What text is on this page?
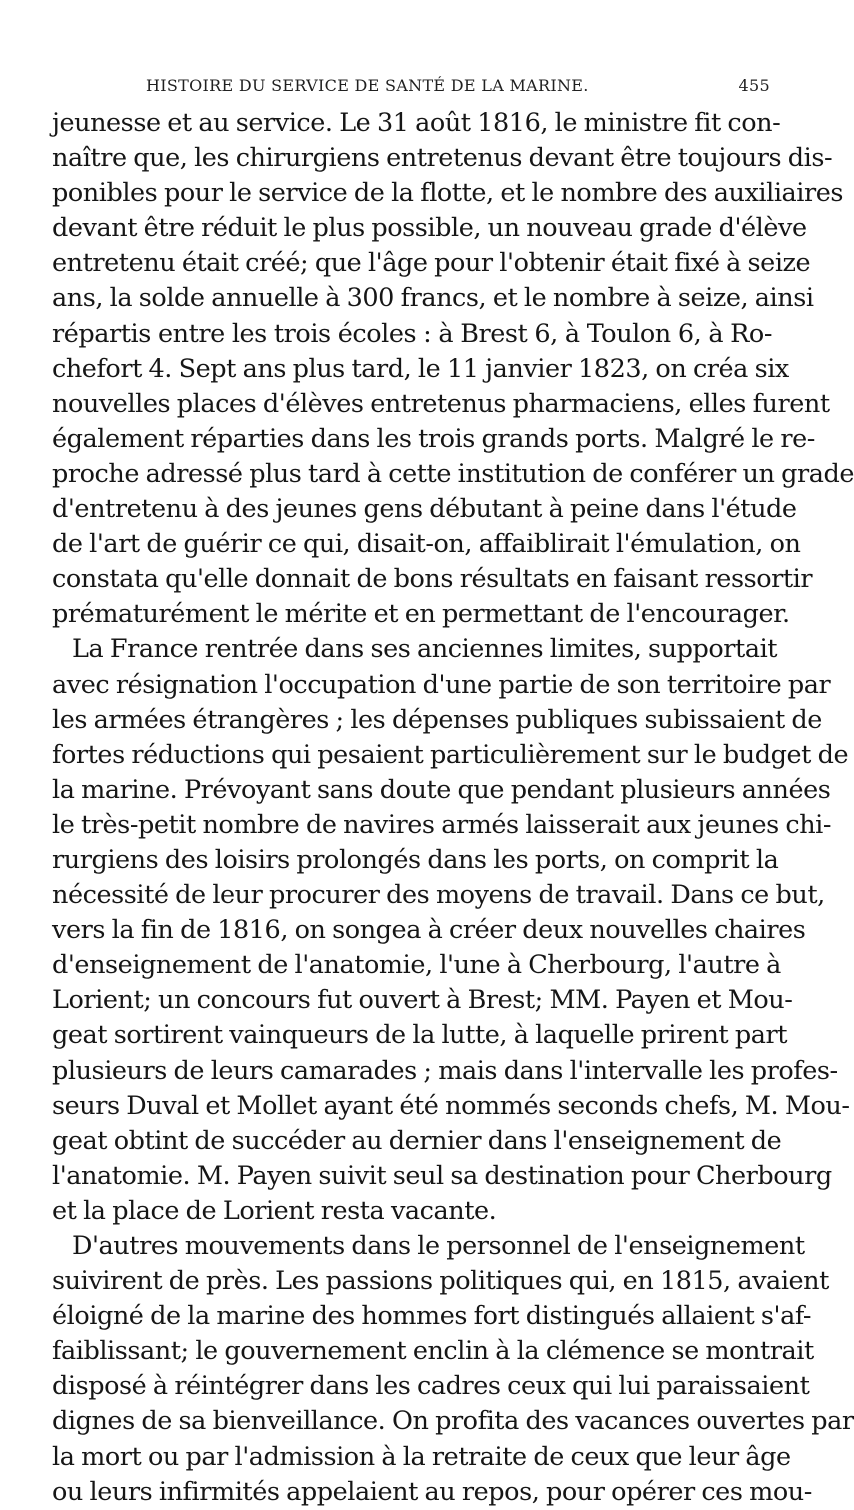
HISTOIRE DU SERVICE DE SANTÉ DE LA MARINE.	455
jeunesse et au service. Le 31 août 1816, le ministre fit con-
naître que, les chirurgiens entretenus devant être toujours dis-
ponibles pour le service de la flotte, et le nombre des auxiliaires
devant être réduit le plus possible, un nouveau grade d'élève
entretenu était créé; que l'âge pour l'obtenir était fixé à seize
ans, la solde annuelle à 300 francs, et le nombre à seize, ainsi
répartis entre les trois écoles : à Brest 6, à Toulon 6, à Ro-
chefort 4. Sept ans plus tard, le 11 janvier 1823, on créa six
nouvelles places d'élèves entretenus pharmaciens, elles furent
également réparties dans les trois grands ports. Malgré le re-
proche adressé plus tard à cette institution de conférer un grade
d'entretenu à des jeunes gens débutant à peine dans l'étude
de l'art de guérir ce qui, disait-on, affaiblirait l'émulation, on
constata qu'elle donnait de bons résultats en faisant ressortir
prématurément le mérite et en permettant de l'encourager.
La France rentrée dans ses anciennes limites, supportait
avec résignation l'occupation d'une partie de son territoire par
les armées étrangères ; les dépenses publiques subissaient de
fortes réductions qui pesaient particulièrement sur le budget de
la marine. Prévoyant sans doute que pendant plusieurs années
le très-petit nombre de navires armés laisserait aux jeunes chi-
rurgiens des loisirs prolongés dans les ports, on comprit la
nécessité de leur procurer des moyens de travail. Dans ce but,
vers la fin de 1816, on songea à créer deux nouvelles chaires
d'enseignement de l'anatomie, l'une à Cherbourg, l'autre à
Lorient; un concours fut ouvert à Brest; MM. Payen et Mou-
geat sortirent vainqueurs de la lutte, à laquelle prirent part
plusieurs de leurs camarades ; mais dans l'intervalle les profes-
seurs Duval et Mollet ayant été nommés seconds chefs, M. Mou-
geat obtint de succéder au dernier dans l'enseignement de
l'anatomie. M. Payen suivit seul sa destination pour Cherbourg
et la place de Lorient resta vacante.
D'autres mouvements dans le personnel de l'enseignement
suivirent de près. Les passions politiques qui, en 1815, avaient
éloigné de la marine des hommes fort distingués allaient s'af-
faiblissant; le gouvernement enclin à la clémence se montrait
disposé à réintégrer dans les cadres ceux qui lui paraissaient
dignes de sa bienveillance. On profita des vacances ouvertes par
la mort ou par l'admission à la retraite de ceux que leur âge
ou leurs infirmités appelaient au repos, pour opérer ces mou-
